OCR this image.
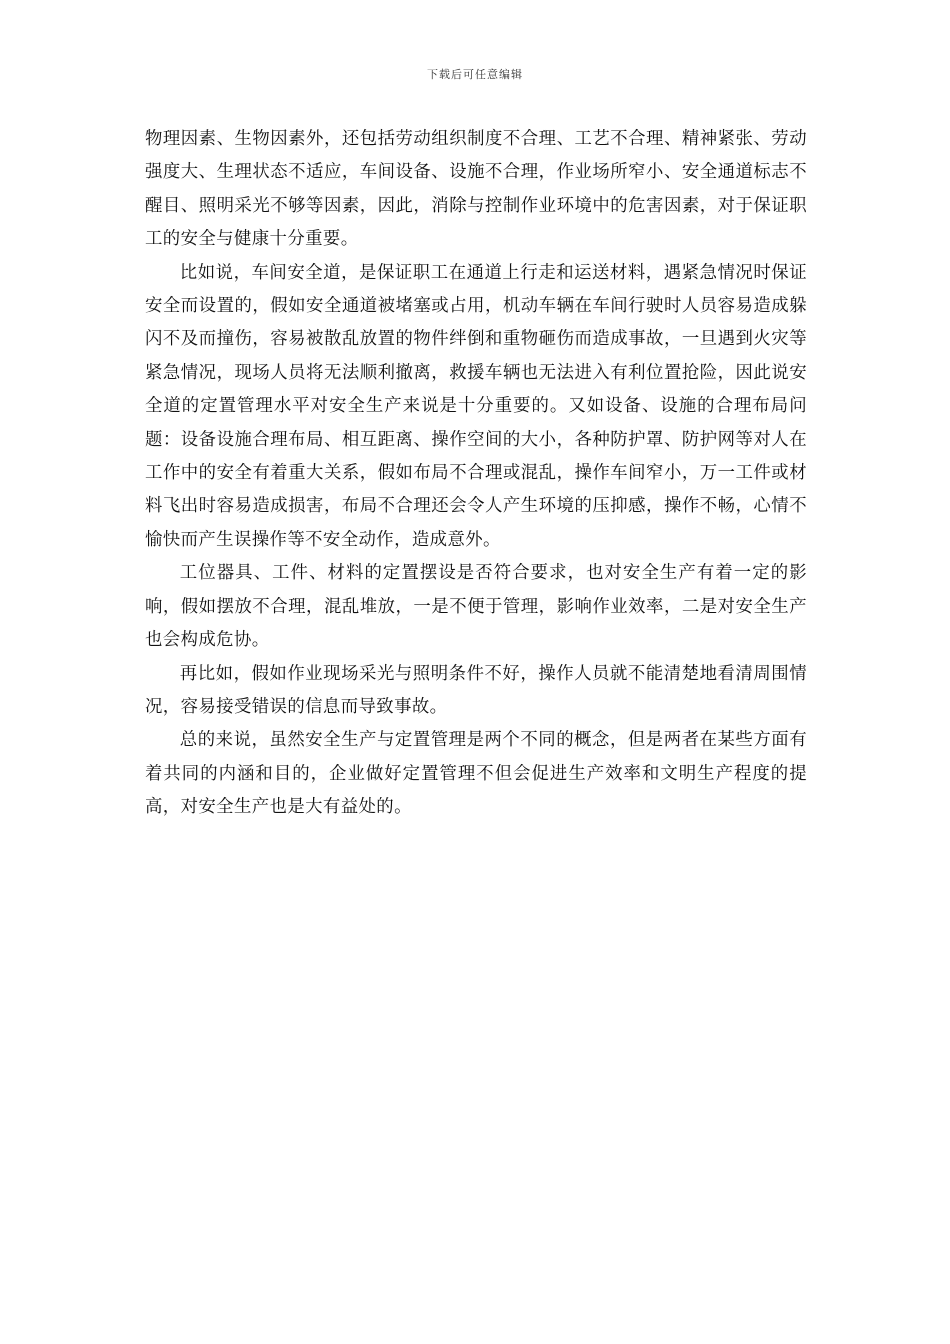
下载后可任意编辑

物理因素、生物因素外，还包括劳动组织制度不合理、工艺不合理、精神紧张、劳动强度大、生理状态不适应，车间设备、设施不合理，作业场所窄小、安全通道标志不醒目、照明采光不够等因素，因此，消除与控制作业环境中的危害因素，对于保证职工的安全与健康十分重要。

比如说，车间安全道，是保证职工在通道上行走和运送材料，遇紧急情况时保证安全而设置的，假如安全通道被堵塞或占用，机动车辆在车间行驶时人员容易造成躲闪不及而撞伤，容易被散乱放置的物件绊倒和重物砸伤而造成事故，一旦遇到火灾等紧急情况，现场人员将无法顺利撤离，救援车辆也无法进入有利位置抢险，因此说安全道的定置管理水平对安全生产来说是十分重要的。又如设备、设施的合理布局问题：设备设施合理布局、相互距离、操作空间的大小，各种防护罩、防护网等对人在工作中的安全有着重大关系，假如布局不合理或混乱，操作车间窄小，万一工件或材料飞出时容易造成损害，布局不合理还会令人产生环境的压抑感，操作不畅，心情不愉快而产生误操作等不安全动作，造成意外。

工位器具、工件、材料的定置摆设是否符合要求，也对安全生产有着一定的影响，假如摆放不合理，混乱堆放，一是不便于管理，影响作业效率，二是对安全生产也会构成危协。

再比如，假如作业现场采光与照明条件不好，操作人员就不能清楚地看清周围情况，容易接受错误的信息而导致事故。

总的来说，虽然安全生产与定置管理是两个不同的概念，但是两者在某些方面有着共同的内涵和目的，企业做好定置管理不但会促进生产效率和文明生产程度的提高，对安全生产也是大有益处的。
